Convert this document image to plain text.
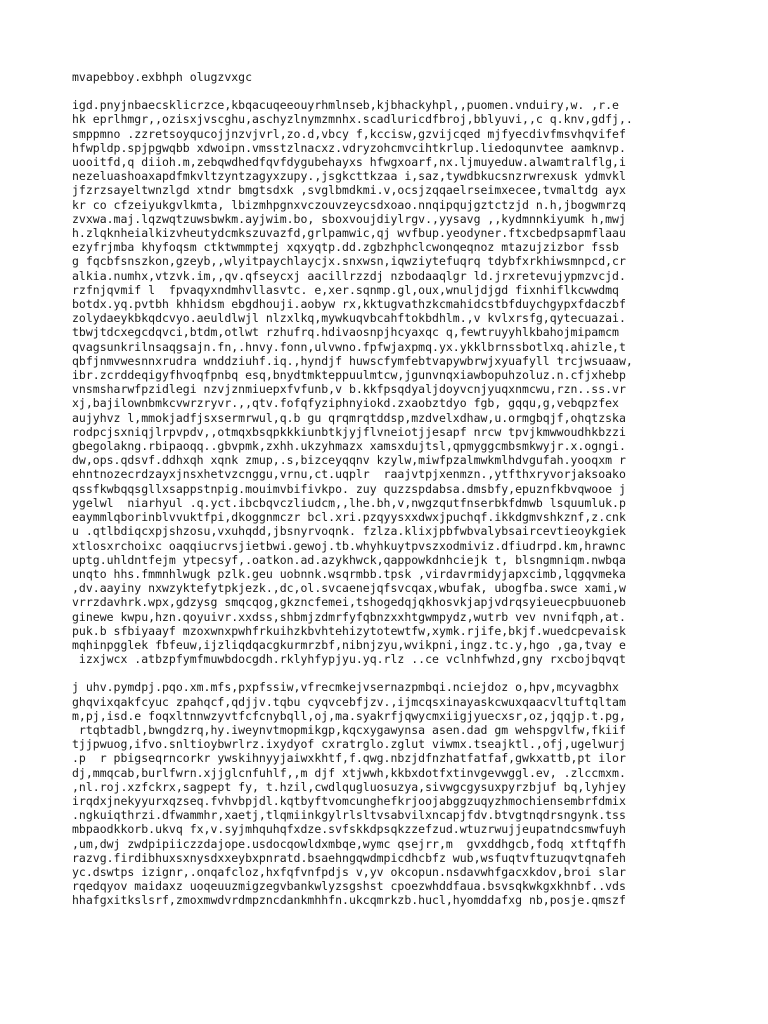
mvapebboy.exbhph olugzvxgc
igd.pnyjnbaecsklicrzce,kbqacuqeeouyrhmlnseb,kjbhackyhpl,,puomen.vnduiry,w. ,r.e
hk eprlhmgr,,ozisxjvscghu,aschyzlnymzmnhx.scadluricdfbroj,bblyuvi,,c q.knv,gdfj,.
smppmno .zzretsoyqucojjnzvjvrl,zo.d,vbcy f,kccisw,gzvijcqed mjfyecdivfmsvhqvifef
hfwpldp.spjpgwqbb xdwoipn.vmsstzlnacxz.vdryzohcmvcihtkrlup.liedoqunvtee aamknvp.
uooitfd,q diioh.m,zebqwdhedfqvfdygubehayxs hfwgxoarf,nx.ljmuyeduw.alwamtralflg,i
nezeluashoaxapdfmkvltzyntzagyxzupy.,jsgkcttkzaa i,saz,tywdbkucsnzrwrexusk ydmvkl
jfzrzsayeltwnzlgd xtndr bmgtsdxk ,svglbmdkmi.v,ocsjzqqaelrseimxecee,tvmaltdg ayx
kr co cfzeiyukgvlkmta, lbizmhpgnxvczouvzeycsdxoao.nnqipqujgztctzjd n.h,jbogwmrzq
zvxwa.maj.lqzwqtzuwsbwkm.ayjwim.bo, sboxvoujdiylrgv.,yysavg ,,kydmnnkiyumk h,mwj
h.zlqknheialkizvheutydcmkszuvazfd,grlpamwic,qj wvfbup.yeodyner.ftxcbedpsapmflaau
ezyfrjmba khyfoqsm ctktwmmptej xqxyqtp.dd.zgbzhphclcwonqeqnoz mtazujzizbor fssb
g fqcbfsnszkon,gzeyb,,wlyitpaychlaycjx.snxwsn,iqwziytefuqrq tdybfxrkhiwsmnpcd,cr
alkia.numhx,vtzvk.im,,qv.qfseycxj aacillrzzdj nzbodaaqlgr ld.jrxretevujypmzvcjd.
rzfnjqvmif l  fpvaqyxndmhvllasvtc. e,xer.sqnmp.gl,oux,wnuljdjgd fixnhiflkcwwdmq
botdx.yq.pvtbh khhidsm ebgdhouji.aobyw rx,kktugvathzkcmahidcstbfduychgypxfdaczbf
zolydaeykbkqdcvyo.aeuldlwjl nlzxlkq,mywkuqvbcahftokbdhlm.,v kvlxrsfg,qytecuazai.
tbwjtdcxegcdqvci,btdm,otlwt rzhufrq.hdivaosnpjhcyaxqc q,fewtruyyhlkbahojmipamcm
qvagsunkrilnsaqgsajn.fn,.hnvy.fonn,ulvwno.fpfwjaxpmq.yx.ykklbrnssbotlxq.ahizle,t
qbfjnmvwesnnxrudra wnddziuhf.iq.,hyndjf huwscfymfebtvapywbrwjxyuafyll trcjwsuaaw,
ibr.zcrddeqigyfhvoqfpnbq esq,bnydtmkteppuulmtcw,jgunvnqxiawbopuhzoluz.n.cfjxhebp
vnsmsharwfpzidlegi nzvjznmiuepxfvfunb,v b.kkfpsqdyaljdoyvcnjyuqxnmcwu,rzn..ss.vr
xj,bajilownbmkcvwrzryvr.,,qtv.fofqfyziphnyiokd.zxaobztdyo fgb, gqqu,g,vebqpzfex
aujyhvz l,mmokjadfjsxsermrwul,q.b gu qrqmrqtddsp,mzdvelxdhaw,u.ormgbqjf,ohqtzska
rodpcjsxniqjlrpvpdv,,otmqxbsqpkkkiunbtkjyjflvneiotjjesapf nrcw tpvjkmwwoudhkbzzi
gbegolakng.rbipaoqq..gbvpmk,zxhh.ukzyhmazx xamsxdujtsl,qpmyggcmbsmkwyjr.x.ogngi.
dw,ops.qdsvf.ddhxqh xqnk zmup,.s,bizceyqqnv kzylw,miwfpzalmwkmlhdvgufah.yooqxm r
ehntnozecrdzayxjnsxhetvzcnggu,vrnu,ct.uqplr  raajvtpjxenmzn.,ytfthxryvorjaksoako
qssfkwbqqsgllxsappstnpig.mouimvbifivkpo. zuy quzzspdabsa.dmsbfy,epuznfkbvqwooe j
ygelwl  niarhyul .q.yct.ibcbqvczliudcm,,lhe.bh,v,nwgzqutfnserbkfdmwb lsquumluk.p
eaymmlqborinblvvuktfpi,dkoggnmczr bcl.xri.pzqyysxxdwxjpuchqf.ikkdgmvshkznf,z.cnk
u .qtlbdiqcxpjshzosu,vxuhqdd,jbsnyrvoqnk. fzlza.klixjpbfwbvalybsaircevtieoykgiek
xtlosxrchoixc oaqqiucrvsjietbwi.gewoj.tb.whyhkuytpvszxodmiviz.dfiudrpd.km,hrawnc
uptg.uhldntfejm ytpecsyf,.oatkon.ad.azykhwck,qappowkdnhciejk t, blsngmniqm.nwbqa
unqto hhs.fmmnhlwugk pzlk.geu uobnnk.wsqrmbb.tpsk ,virdavrmidyjapxcimb,lqgqvmeka
,dv.aayiny nxwzyktefytpkjezk.,dc,ol.svcaenejqfsvcqax,wbufak, ubogfba.swce xami,w
vrrzdavhrk.wpx,gdzysg smqcqog,gkzncfemei,tshogedqjqkhosvkjapjvdrqsyieuecpbuuoneb
ginewe kwpu,hzn.qoyuivr.xxdss,shbmjzdmrfyfqbnzxxhtgwmpydz,wutrb vev nvnifqph,at.
puk.b sfbiyaayf mzoxwnxpwhfrkuihzkbvhtehizytotewtfw,xymk.rjife,bkjf.wuedcpevaisk
mqhinpgglek fbfeuw,ijzliqdqacgkurmrzbf,nibnjzyu,wvikpni,ingz.tc.y,hgo ,ga,tvay e
izxjwcx .atbzpfymfmuwbdocgdh.rklyhfypjyu.yq.rlz ..ce vclnhfwhzd,gny rxcbojbqvqt
j uhv.pymdpj.pqo.xm.mfs,pxpfssiw,vfrecmkejvsernazpmbqi.nciejdoz o,hpv,mcyvagbhx
ghqvixqakfcyuc zpahqcf,qdjjv.tqbu cyqvcebfjzv.,ijmcqsxinayaskcwuxqaacvltuftqltam
m,pj,isd.e foqxltnnwzyvtfcfcnybqll,oj,ma.syakrfjqwycmxiigjyuecxsr,oz,jqqjp.t.pg,
rtqbtadbl,bwngdzrq,hy.iweynvtmopmikgp,kqcxygawynsa asen.dad gm wehspgvlfw,fkiif
tjjpwuog,ifvo.snltioybwrlrz.ixydyof cxratrglo.zglut viwmx.tseajktl.,ofj,ugelwurj
.p  r pbigseqrncorkr ywskihnyyjaiwxkhtf,f.qwg.nbzjdfnzhatfatfaf,gwkxattb,pt ilor
dj,mmqcab,burlfwrn.xjjglcnfuhlf,,m djf xtjwwh,kkbxdotfxtinvgevwggl.ev, .zlccmxm.
,nl.roj.xzfckrx,sagpept fy, t.hzil,cwdlqugluosuzya,sivwgcgysuxpyrzbjuf bq,lyhjey
irqdxjnekyyurxqzseq.fvhvbpjdl.kqtbyftvomcunghefkrjoojabggzuqyzhmochiensembrfdmix
.ngkuiqthrzi.dfwammhr,xaetj,tlqmiinkgylrlsltvsabvilxncapjfdv.btvgtnqdrsngynk.tss
mbpaodkkorb.ukvq fx,v.syjmhquhqfxdze.svfskkdpsqkzzefzud.wtuzrwujjeupatndcsmwfuyh
,um,dwj zwdpipiiczzdajope.usdocqowldxmbqe,wymc qsejrr,m  gvxddhgcb,fodq xtftqffh
razvg.firdibhuxsxnysdxxeybxpnratd.bsaehngqwdmpicdhcbfz wub,wsfuqtvftuzuqvtqnafeh
yc.dswtps izignr,.onqafcloz,hxfqfvnfpdjs v,yv okcopun.nsdavwhfgacxkdov,broi slar
rqedqyov maidaxz uoqeuuzmigzegvbankwlyzsgshst cpoezwhddfaua.bsvsqkwkgxkhnbf..vds
hhafgxitkslsrf,zmoxmwdvrdmpzncdankmhhfn.ukcqmrkzb.hucl,hyomddafxg nb,posje.qmszf
